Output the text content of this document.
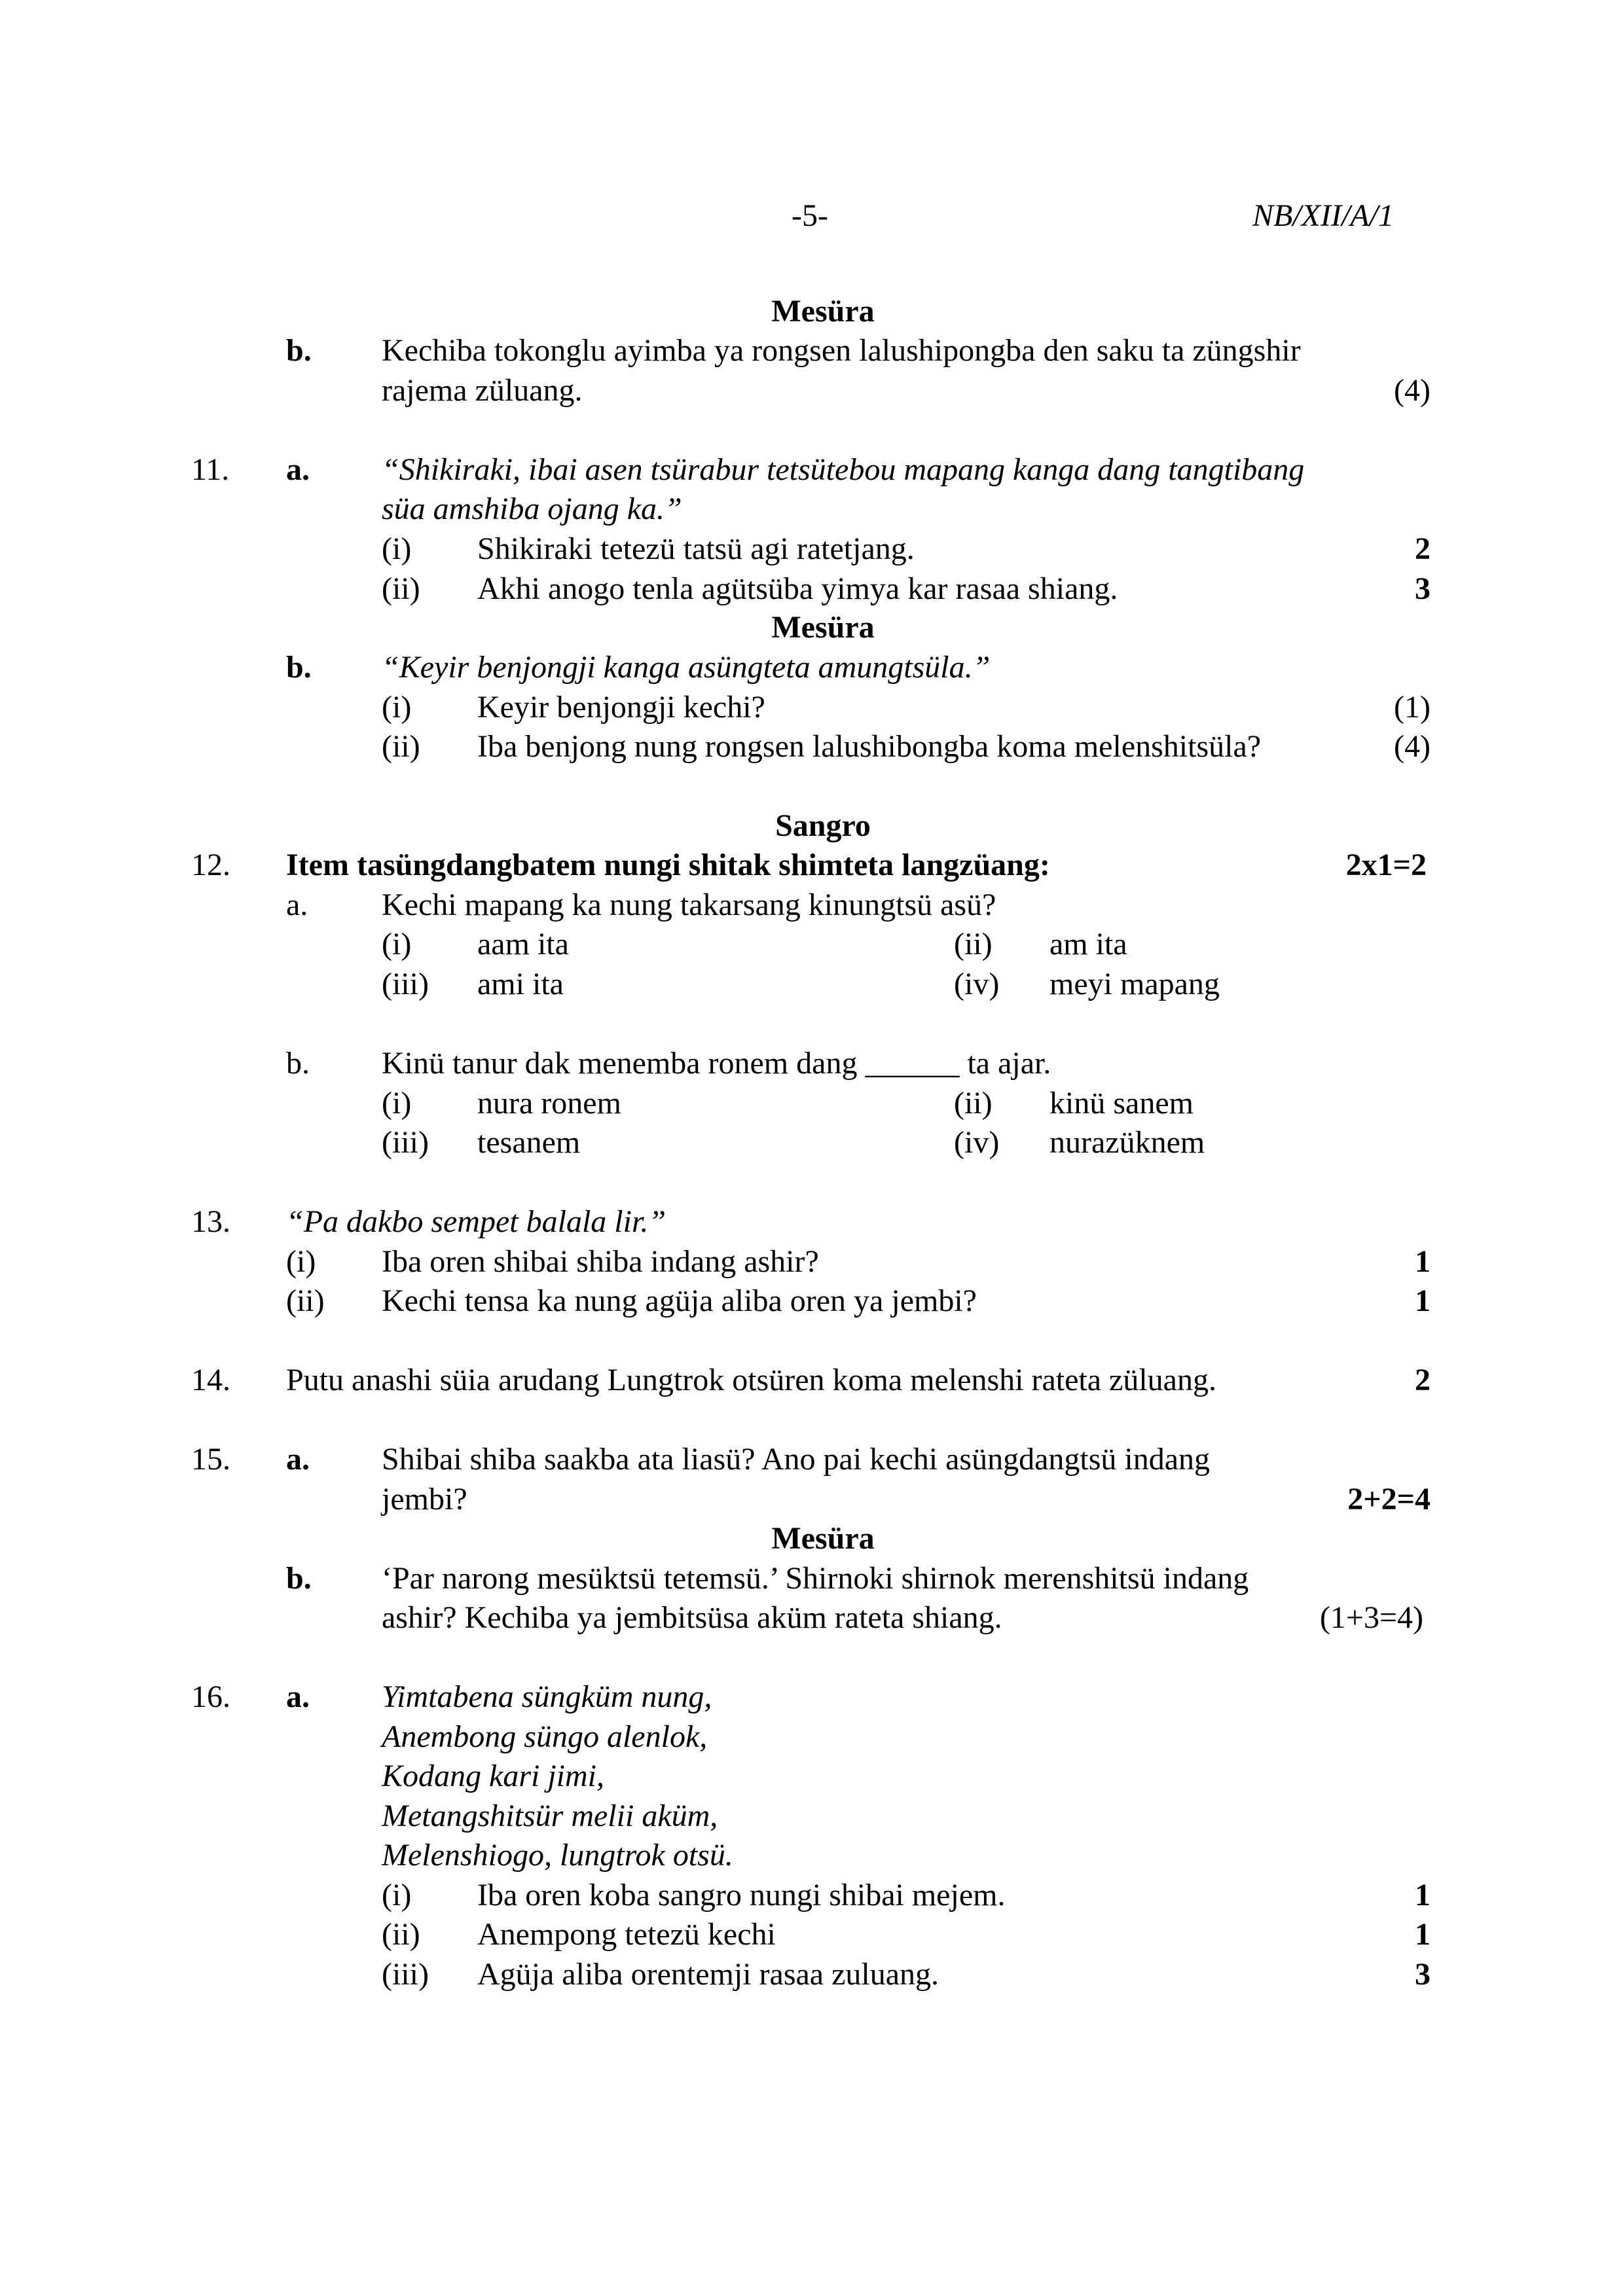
-5-	NB/XII/A/1
Mesüra
b. Kechiba tokonglu ayimba ya rongsen lalushipongba den saku ta züngshir
rajema züluang.	(4)
11. a. “Shikiraki, ibai asen tsürabur tetsütebou mapang kanga dang tangtibang
süa amshiba ojang ka.”
(i) Shikiraki tetezü tatsü agi ratetjang.	2
(ii) Akhi anogo tenla agütsüba yimya kar rasaa shiang.	3
Mesüra
b. “Keyir benjongji kanga asüngteta amungtsüla.”
(i) Keyir benjongji kechi?	(1)
(ii) Iba benjong nung rongsen lalushibongba koma melenshitsüla?	(4)
Sangro
12. Item tasüngdangbatem nungi shitak shimteta langzüang:	2x1=2
a. Kechi mapang ka nung takarsang kinungtsü asü?
(i) aam ita	(ii) am ita
(iii) ami ita	(iv) meyi mapang
b. Kinü tanur dak menemba ronem dang ______ ta ajar.
(i) nura ronem	(ii) kinü sanem
(iii) tesanem	(iv) nurazüknem
13. “Pa dakbo sempet balala lir.”
(i) Iba oren shibai shiba indang ashir?	1
(ii) Kechi tensa ka nung agüja aliba oren ya jembi?	1
14. Putu anashi süia arudang Lungtrok otsüren koma melenshi rateta züluang.	2
15. a. Shibai shiba saakba ata liasü? Ano pai kechi asüngdangtsü indang
jembi?	2+2=4
Mesüra
b. ‘Par narong mesüktsü tetemsü.’ Shirnoki shirnok merenshitsü indang
ashir? Kechiba ya jembitsüsa aküm rateta shiang.	(1+3=4)
16. a. Yimtabena süngküm nung,
Anembong süngo alenlok,
Kodang kari jimi,
Metangshitsür melii aküm,
Melenshiogo, lungtrok otsü.
(i) Iba oren koba sangro nungi shibai mejem.	1
(ii) Anempong tetezü kechi	1
(iii) Agüja aliba orentemji rasaa zuluang.	3
